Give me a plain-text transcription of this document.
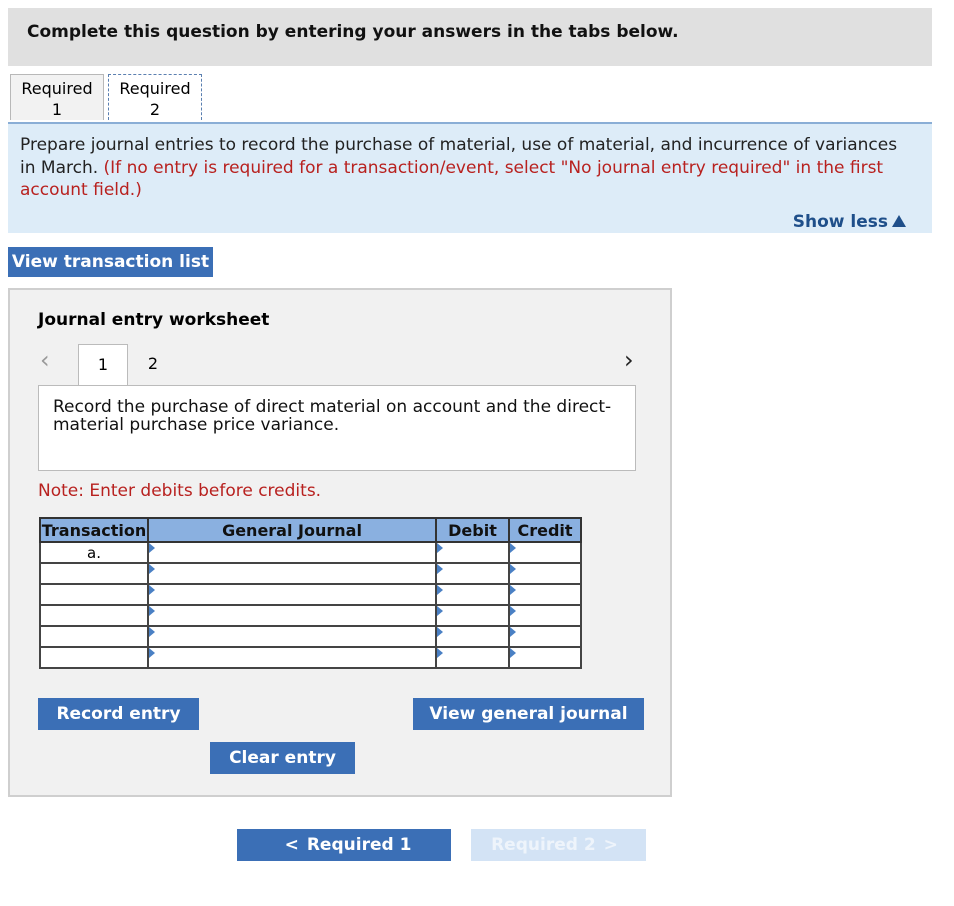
Complete this question by entering your answers in the tabs below.
Required
1
Required
2
Prepare journal entries to record the purchase of material, use of material, and incurrence of variances in March. (If no entry is required for a transaction/event, select "No journal entry required" in the first account field.)
Show less
View transaction list
Journal entry worksheet
‹	1	2	›
Record the purchase of direct material on account and the direct-material purchase price variance.
Note: Enter debits before credits.
Transaction	General Journal	Debit	Credit
a.	

Record entry	View general journal
Clear entry
< Required 1	Required 2 >
